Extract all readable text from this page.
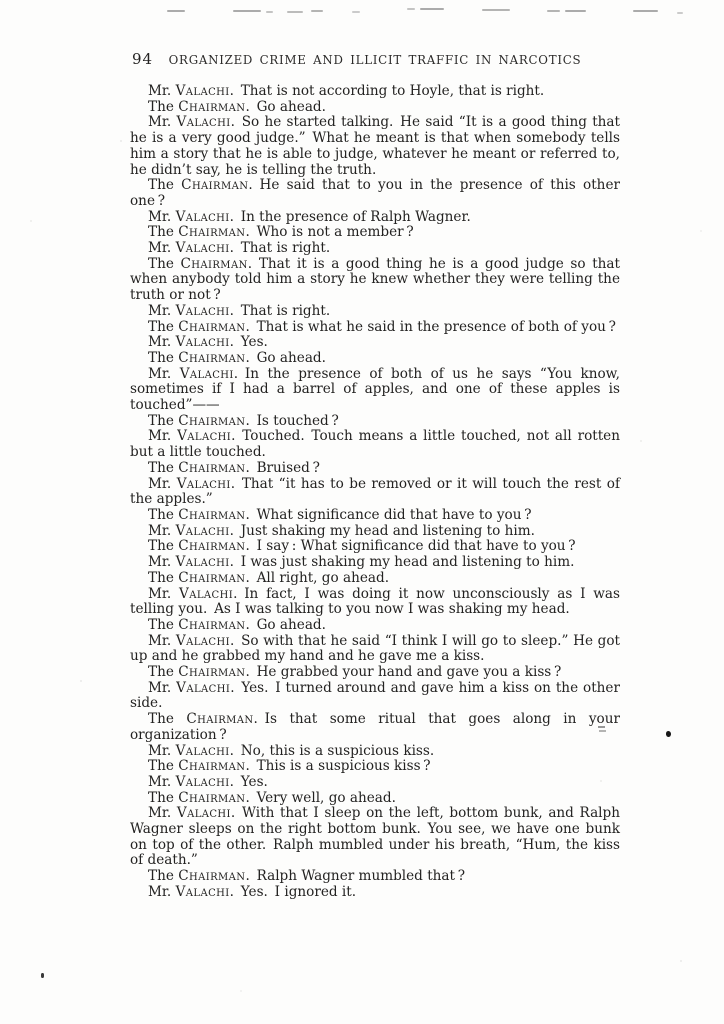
94	ORGANIZED CRIME AND ILLICIT TRAFFIC IN NARCOTICS

Mr. Valachi. That is not according to Hoyle, that is right.

The Chairman. Go ahead.

Mr. Valachi. So he started talking. He said “It is a good thing that he is a very good judge.” What he meant is that when somebody tells him a story that he is able to judge, whatever he meant or referred to, he didn’t say, he is telling the truth.

The Chairman. He said that to you in the presence of this other one ?

Mr. Valachi. In the presence of Ralph Wagner.

The Chairman. Who is not a member ?

Mr. Valachi. That is right.

The Chairman. That it is a good thing he is a good judge so that when anybody told him a story he knew whether they were telling the truth or not ?

Mr. Valachi. That is right.

The Chairman. That is what he said in the presence of both of you ?

Mr. Valachi. Yes.

The Chairman. Go ahead.

Mr. Valachi. In the presence of both of us he says “You know, sometimes if I had a barrel of apples, and one of these apples is touched”——

The Chairman. Is touched ?

Mr. Valachi. Touched. Touch means a little touched, not all rotten but a little touched.

The Chairman. Bruised ?

Mr. Valachi. That “it has to be removed or it will touch the rest of the apples.”

The Chairman. What significance did that have to you ?

Mr. Valachi. Just shaking my head and listening to him.

The Chairman. I say : What significance did that have to you ?

Mr. Valachi. I was just shaking my head and listening to him.

The Chairman. All right, go ahead.

Mr. Valachi. In fact, I was doing it now unconsciously as I was telling you. As I was talking to you now I was shaking my head.

The Chairman. Go ahead.

Mr. Valachi. So with that he said “I think I will go to sleep.” He got up and he grabbed my hand and he gave me a kiss.

The Chairman. He grabbed your hand and gave you a kiss ?

Mr. Valachi. Yes. I turned around and gave him a kiss on the other side.

The Chairman. Is that some ritual that goes along in your organization ?

Mr. Valachi. No, this is a suspicious kiss.

The Chairman. This is a suspicious kiss ?

Mr. Valachi. Yes.

The Chairman. Very well, go ahead.

Mr. Valachi. With that I sleep on the left, bottom bunk, and Ralph Wagner sleeps on the right bottom bunk. You see, we have one bunk on top of the other. Ralph mumbled under his breath, “Hum, the kiss of death.”

The Chairman. Ralph Wagner mumbled that ?

Mr. Valachi. Yes. I ignored it.
